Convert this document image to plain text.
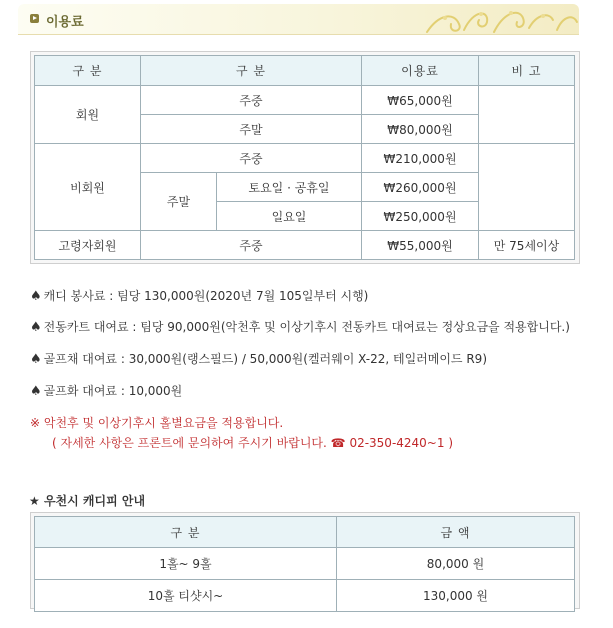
이용료
구 분	구 분		이용료	비 고
회원	주중		₩65,000원	
	주말		₩80,000원	
비회원	주중		₩210,000원	
	주말	토요일 · 공휴일	₩260,000원	
		일요일	₩250,000원	
고령자회원	주중		₩55,000원	만 75세이상
♠ 캐디 봉사료 : 팀당 130,000원(2020년 7월 105일부터 시행)
♠ 전동카트 대여료 : 팀당 90,000원(악천후 및 이상기후시 전동카트 대여료는 정상요금을 적용합니다.)
♠ 골프채 대여료 : 30,000원(랭스필드) / 50,000원(켈러웨이 X-22, 테일러메이드 R9)
♠ 골프화 대여료 : 10,000원
※ 악천후 및 이상기후시 홀별요금을 적용합니다.
( 자세한 사항은 프론트에 문의하여 주시기 바랍니다. ☎ 02-350-4240~1 )
★ 우천시 캐디피 안내
구 분	금 액
1홀~ 9홀	80,000 원
10홀 티샷시~	130,000 원
